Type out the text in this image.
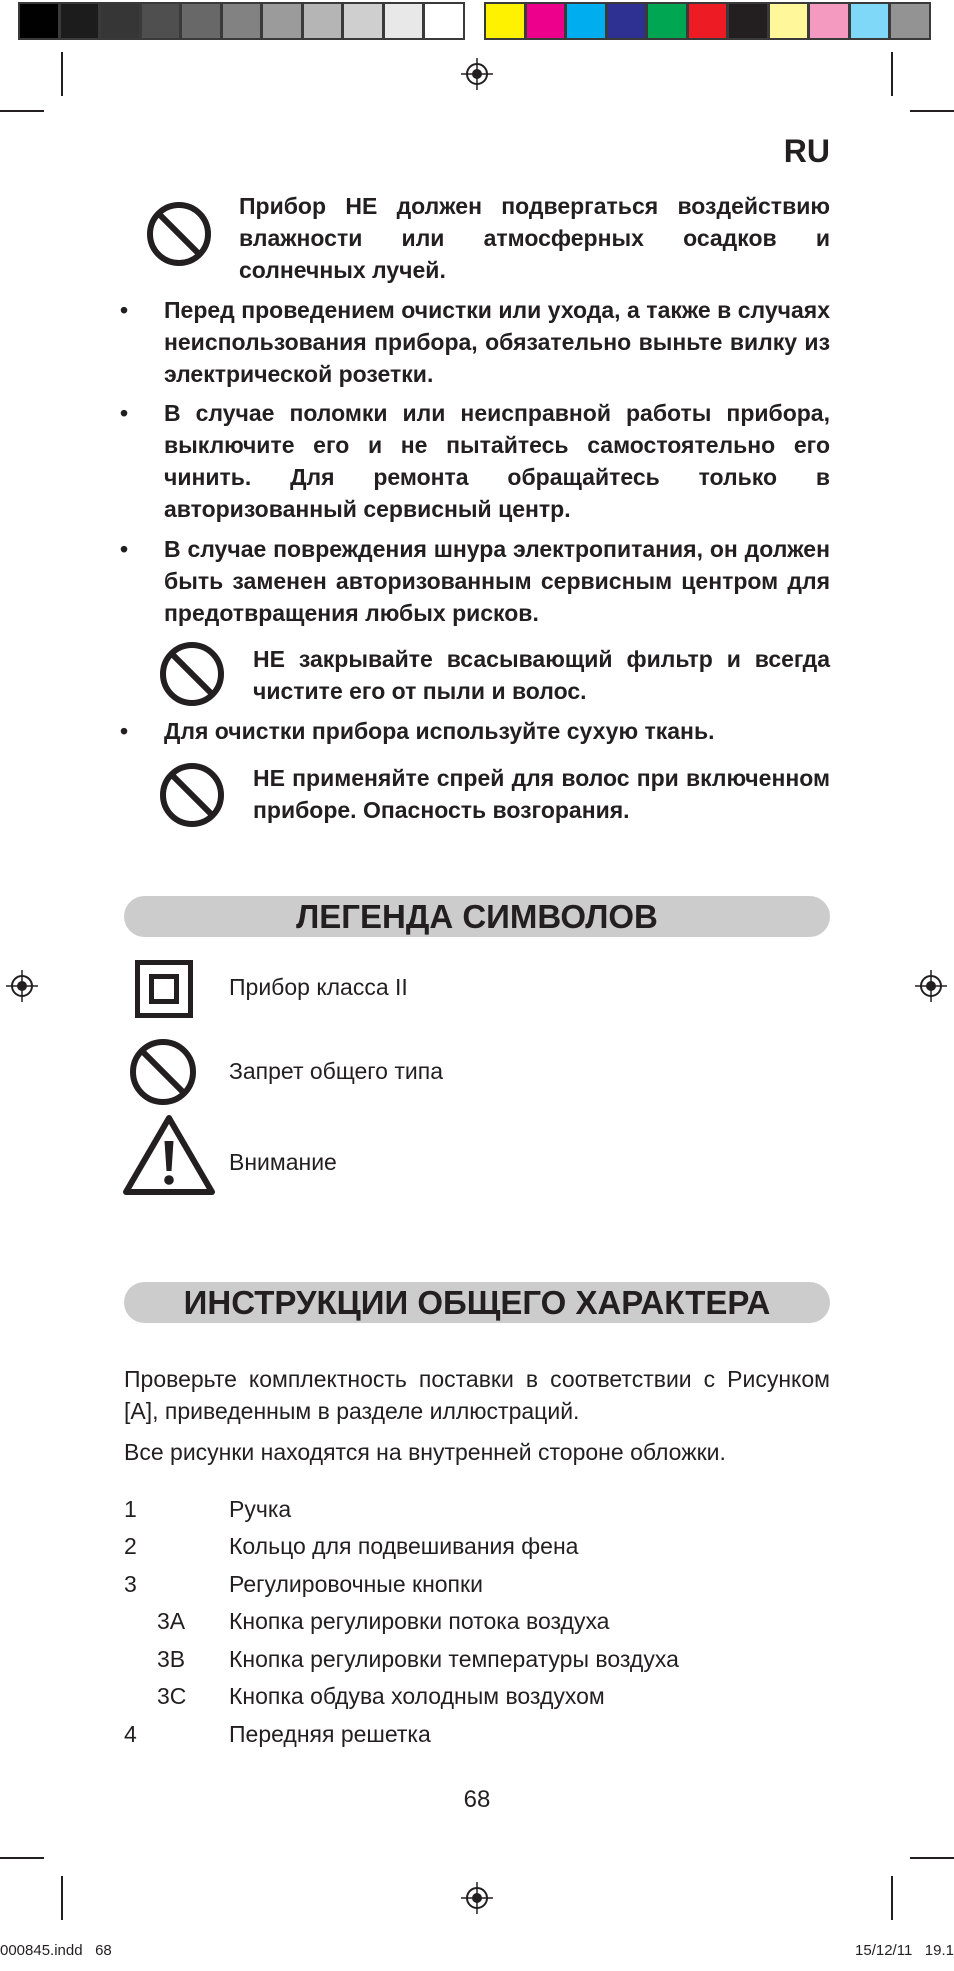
RU

Прибор НЕ должен подвергаться воздействию влажности или атмосферных осадков и солнечных лучей.

• Перед проведением очистки или ухода, а также в случаях неиспользования прибора, обязательно выньте вилку из электрической розетки.

• В случае поломки или неисправной работы прибора, выключите его и не пытайтесь самостоятельно его чинить. Для ремонта обращайтесь только в авторизованный сервисный центр.

• В случае повреждения шнура электропитания, он должен быть заменен авторизованным сервисным центром для предотвращения любых рисков.

НЕ закрывайте всасывающий фильтр и всегда чистите его от пыли и волос.

• Для очистки прибора используйте сухую ткань.

НЕ применяйте спрей для волос при включенном приборе. Опасность возгорания.

ЛЕГЕНДА СИМВОЛОВ
Прибор класса II
Запрет общего типа
Внимание
ИНСТРУКЦИИ ОБЩЕГО ХАРАКТЕРА

Проверьте комплектность поставки в соответствии с Рисунком [А], приведенным в разделе иллюстраций.

Все рисунки находятся на внутренней стороне обложки.

1	Ручка
2	Кольцо для подвешивания фена
3	Регулировочные кнопки
3A Кнопка регулировки потока воздуха
3B Кнопка регулировки температуры воздуха
3C Кнопка обдува холодным воздухом
4	Передняя решетка
68
000845.indd   68	15/12/11   19.1
